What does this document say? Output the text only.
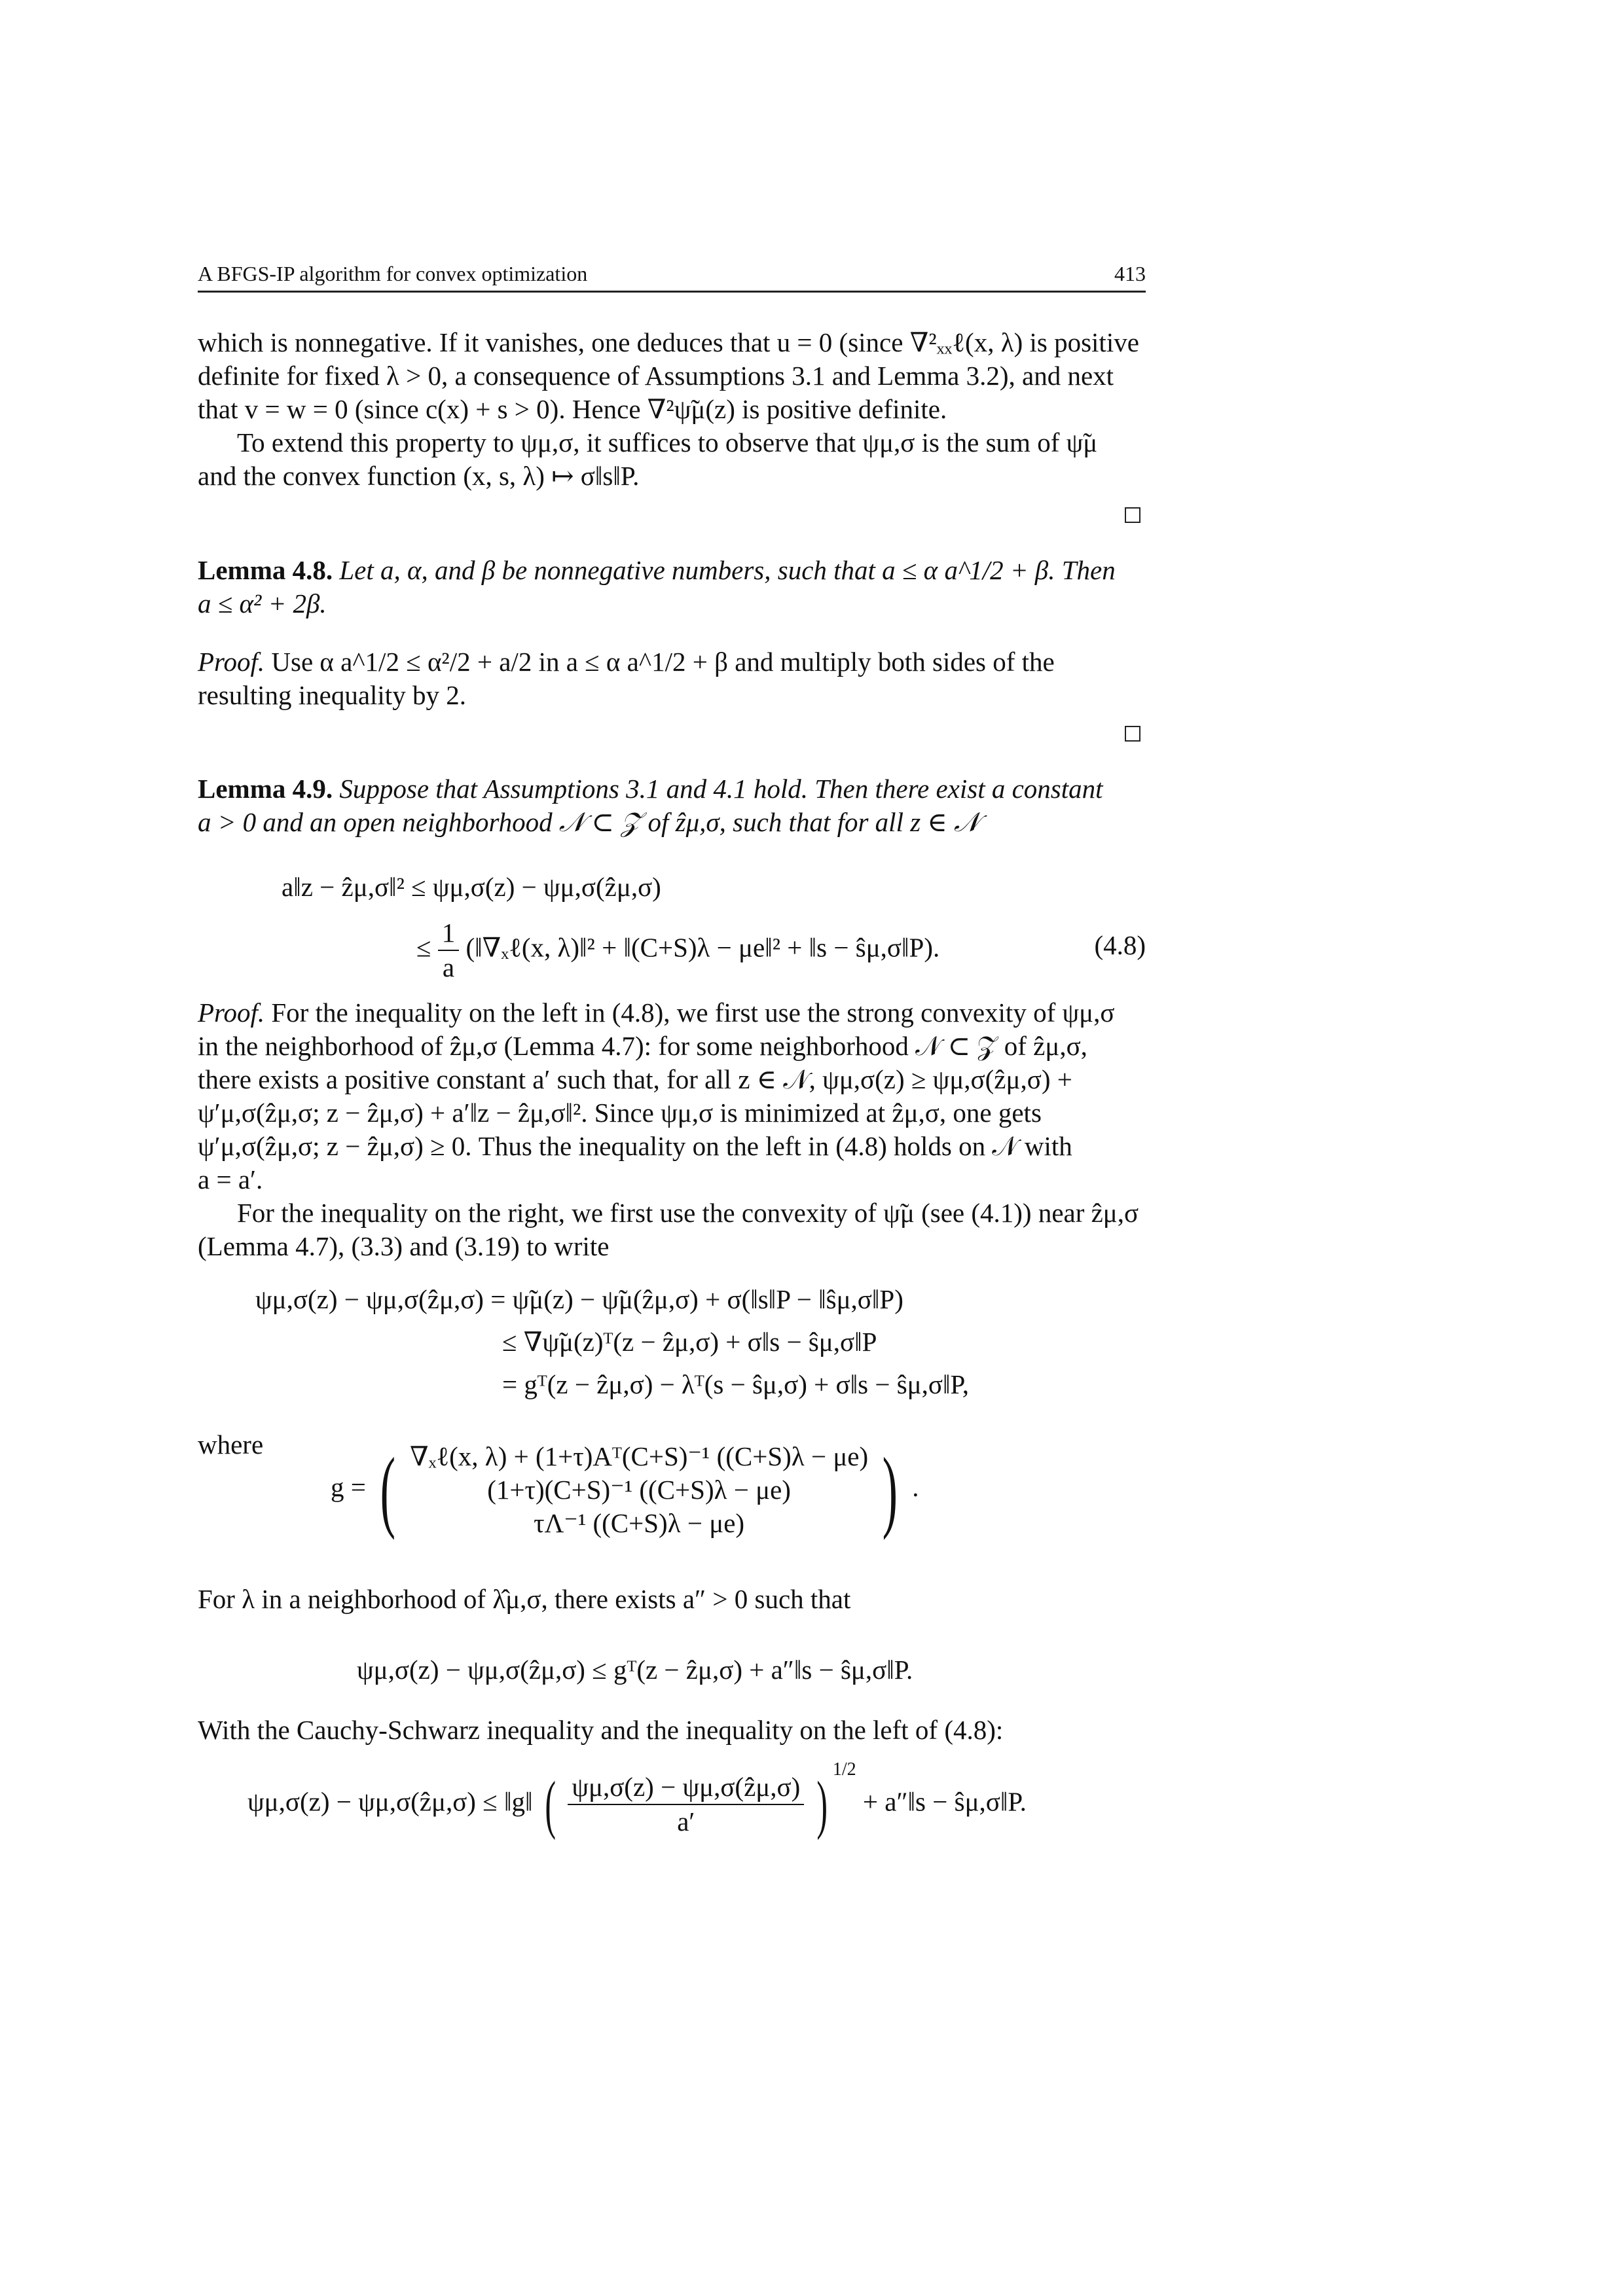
A BFGS-IP algorithm for convex optimization	413
which is nonnegative. If it vanishes, one deduces that u = 0 (since ∇²ₓₓℓ(x, λ) is positive
definite for fixed λ > 0, a consequence of Assumptions 3.1 and Lemma 3.2), and next
that v = w = 0 (since c(x) + s > 0). Hence ∇²ψ̃μ(z) is positive definite.
To extend this property to ψμ,σ, it suffices to observe that ψμ,σ is the sum of ψ̃μ
and the convex function (x, s, λ) ↦ σ‖s‖P.
Lemma 4.8. Let a, α, and β be nonnegative numbers, such that a ≤ α a^1/2 + β. Then
a ≤ α² + 2β.
Proof. Use α a^1/2 ≤ α²/2 + a/2 in a ≤ α a^1/2 + β and multiply both sides of the
resulting inequality by 2.
Lemma 4.9. Suppose that Assumptions 3.1 and 4.1 hold. Then there exist a constant
a > 0 and an open neighborhood 𝒩 ⊂ 𝒵 of ẑμ,σ, such that for all z ∈ 𝒩
a‖z − ẑμ,σ‖² ≤ ψμ,σ(z) − ψμ,σ(ẑμ,σ)
≤ $\frac{1}{a}$ (‖∇ₓℓ(x, λ)‖² + ‖(C+S)λ − μe‖² + ‖s − ŝμ,σ‖P).	(4.8)
Proof. For the inequality on the left in (4.8), we first use the strong convexity of ψμ,σ
in the neighborhood of ẑμ,σ (Lemma 4.7): for some neighborhood 𝒩 ⊂ 𝒵 of ẑμ,σ,
there exists a positive constant a′ such that, for all z ∈ 𝒩, ψμ,σ(z) ≥ ψμ,σ(ẑμ,σ) +
ψ′μ,σ(ẑμ,σ; z − ẑμ,σ) + a′‖z − ẑμ,σ‖². Since ψμ,σ is minimized at ẑμ,σ, one gets
ψ′μ,σ(ẑμ,σ; z − ẑμ,σ) ≥ 0. Thus the inequality on the left in (4.8) holds on 𝒩 with
a = a′.
For the inequality on the right, we first use the convexity of ψ̃μ (see (4.1)) near ẑμ,σ
(Lemma 4.7), (3.3) and (3.19) to write
ψμ,σ(z) − ψμ,σ(ẑμ,σ) = ψ̃μ(z) − ψ̃μ(ẑμ,σ) + σ(‖s‖P − ‖ŝμ,σ‖P)
≤ ∇ψ̃μ(z)ᵀ(z − ẑμ,σ) + σ‖s − ŝμ,σ‖P
= gᵀ(z − ẑμ,σ) − λᵀ(s − ŝμ,σ) + σ‖s − ŝμ,σ‖P,
where
g = ( ∇ₓℓ(x, λ) + (1+τ)Aᵀ(C+S)⁻¹ ((C+S)λ − μe)
(1+τ)(C+S)⁻¹ ((C+S)λ − μe)
τΛ⁻¹ ((C+S)λ − μe)	) .
For λ in a neighborhood of λ̂μ,σ, there exists a″ > 0 such that
ψμ,σ(z) − ψμ,σ(ẑμ,σ) ≤ gᵀ(z − ẑμ,σ) + a″‖s − ŝμ,σ‖P.
With the Cauchy-Schwarz inequality and the inequality on the left of (4.8):
ψμ,σ(z) − ψμ,σ(ẑμ,σ) ≤ ‖g‖ ( $\frac{\text{ψμ,σ(z) − ψμ,σ(ẑμ,σ)}}{a'}$ ) $^{1/2}$ + a″‖s − ŝμ,σ‖P.
